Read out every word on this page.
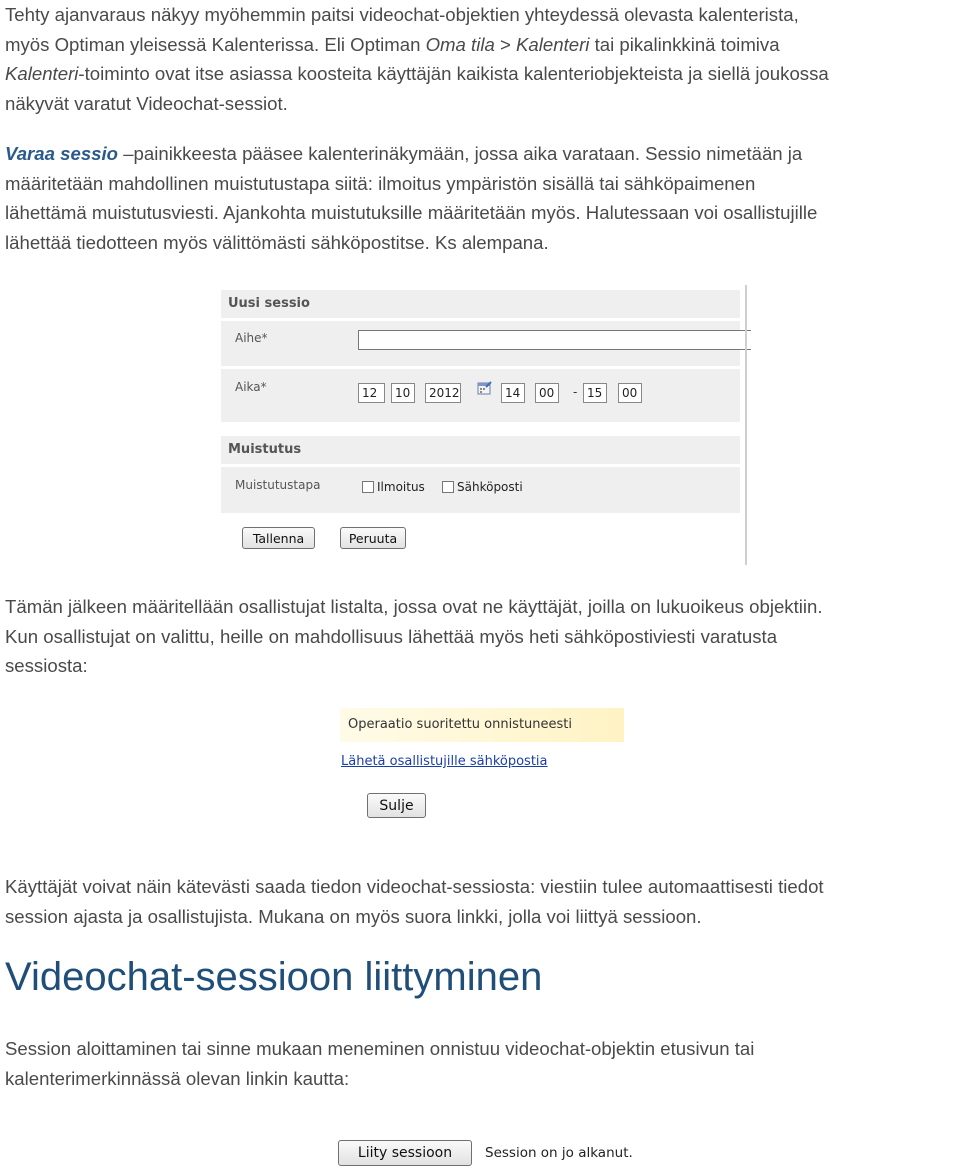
Tehty ajanvaraus näkyy myöhemmin paitsi videochat-objektien yhteydessä olevasta kalenterista,
myös Optiman yleisessä Kalenterissa. Eli Optiman Oma tila > Kalenteri tai pikalinkkinä toimiva
Kalenteri-toiminto ovat itse asiassa koosteita käyttäjän kaikista kalenteriobjekteista ja siellä joukossa
näkyvät varatut Videochat-sessiot.

Varaa sessio –painikkeesta pääsee kalenterinäkymään, jossa aika varataan. Sessio nimetään ja
määritetään mahdollinen muistutustapa siitä: ilmoitus ympäristön sisällä tai sähköpaimenen
lähettämä muistutusviesti. Ajankohta muistutuksille määritetään myös. Halutessaan voi osallistujille
lähettää tiedotteen myös välittömästi sähköpostitse. Ks alempana.

Uusi sessio
Aihe*
Aika*	12	10	2012	14	00	- 15	00
Muistutus
Muistutustapa	Ilmoitus	Sähköposti
Tallenna	Peruuta

Tämän jälkeen määritellään osallistujat listalta, jossa ovat ne käyttäjät, joilla on lukuoikeus objektiin.
Kun osallistujat on valittu, heille on mahdollisuus lähettää myös heti sähköpostiviesti varatusta
sessiosta:

Operaatio suoritettu onnistuneesti
Lähetä osallistujille sähköpostia
Sulje

Käyttäjät voivat näin kätevästi saada tiedon videochat-sessiosta: viestiin tulee automaattisesti tiedot
session ajasta ja osallistujista. Mukana on myös suora linkki, jolla voi liittyä sessioon.

Videochat-sessioon liittyminen

Session aloittaminen tai sinne mukaan meneminen onnistuu videochat-objektin etusivun tai
kalenterimerkinnässä olevan linkin kautta:

Liity sessioon	Session on jo alkanut.
